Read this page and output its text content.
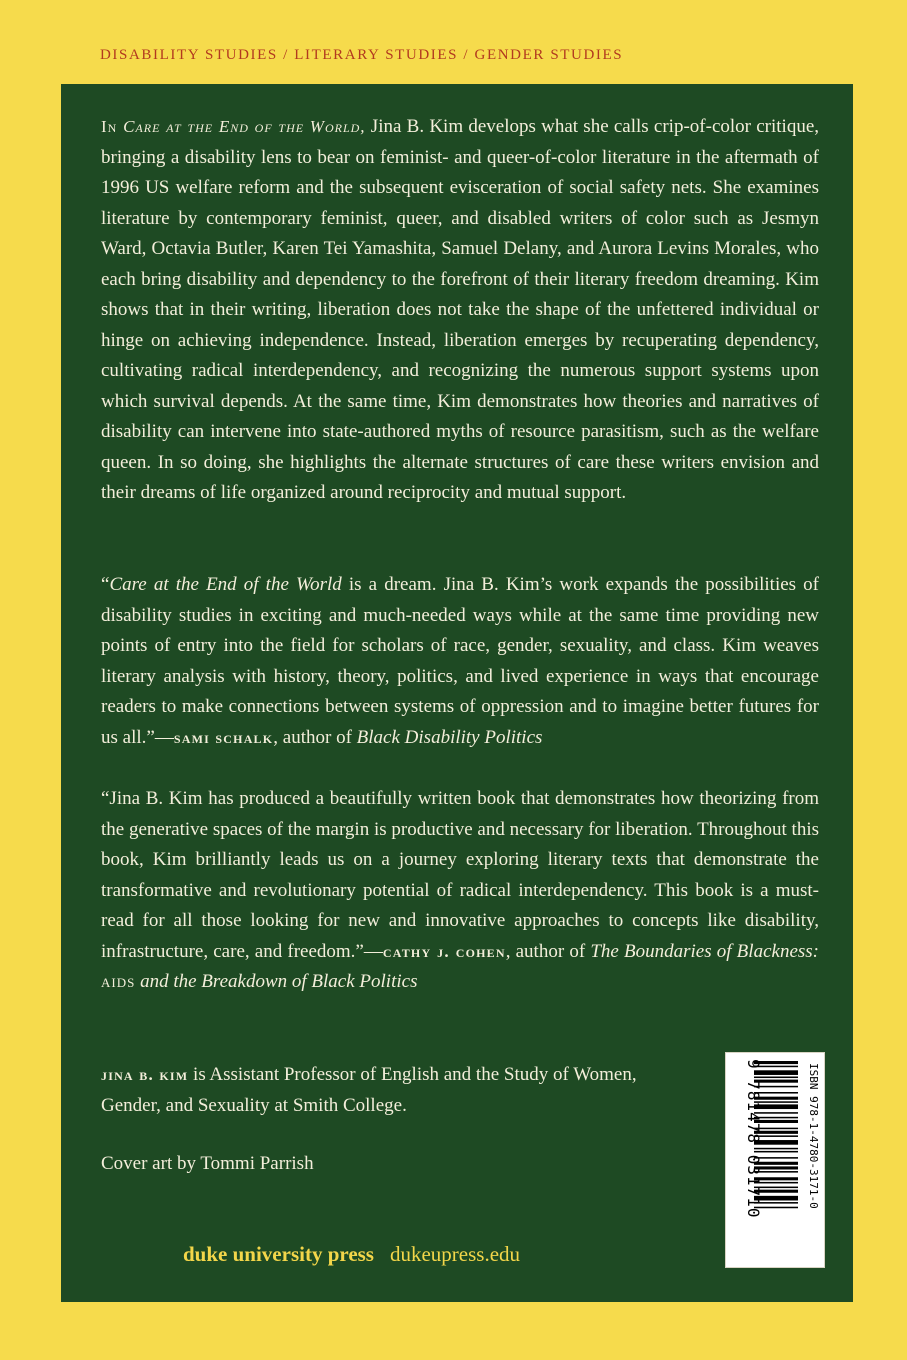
DISABILITY STUDIES / LITERARY STUDIES / GENDER STUDIES

In Care at the End of the World, Jina B. Kim develops what she calls crip-of-color critique, bringing a disability lens to bear on feminist- and queer-of-color literature in the aftermath of 1996 US welfare reform and the subsequent evisceration of social safety nets. She examines literature by contemporary feminist, queer, and disabled writers of color such as Jesmyn Ward, Octavia Butler, Karen Tei Yamashita, Samuel Delany, and Aurora Levins Morales, who each bring disability and dependency to the forefront of their literary freedom dreaming. Kim shows that in their writing, liberation does not take the shape of the unfettered individual or hinge on achieving independence. Instead, liberation emerges by recuperating dependency, cultivating radical interdependency, and recognizing the numerous support systems upon which survival depends. At the same time, Kim demonstrates how theories and narratives of disability can intervene into state-authored myths of resource parasitism, such as the welfare queen. In so doing, she highlights the alternate structures of care these writers envision and their dreams of life organized around reciprocity and mutual support.

“Care at the End of the World is a dream. Jina B. Kim’s work expands the possibilities of disability studies in exciting and much-needed ways while at the same time providing new points of entry into the field for scholars of race, gender, sexuality, and class. Kim weaves literary analysis with history, theory, politics, and lived experience in ways that encourage readers to make connections between systems of oppression and to imagine better futures for us all.”—sami schalk, author of Black Disability Politics

“Jina B. Kim has produced a beautifully written book that demonstrates how theorizing from the generative spaces of the margin is productive and necessary for liberation. Throughout this book, Kim brilliantly leads us on a journey exploring literary texts that demonstrate the transformative and revolutionary potential of radical interdependency. This book is a must-read for all those looking for new and innovative approaches to concepts like disability, infrastructure, care, and freedom.”—cathy j. cohen, author of The Boundaries of Blackness: aids and the Breakdown of Black Politics

jina b. kim is Assistant Professor of English and the Study of Women, Gender, and Sexuality at Smith College.

Cover art by Tommi Parrish
duke university press dukeupress.edu
ISBN 978-1-4780-3171-0
9 781478 031710
